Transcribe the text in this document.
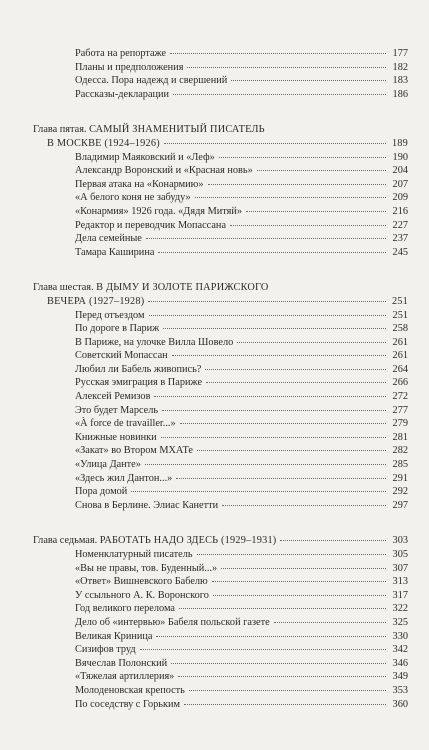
Работа на репортаже	177
Планы и предположения	182
Одесса. Пора надежд и свершений	183
Рассказы-декларации	186
Глава пятая.
САМЫЙ ЗНАМЕНИТЫЙ ПИСАТЕЛЬ
В МОСКВЕ (1924–1926)	189
Владимир Маяковский и «Леф»	190
Александр Воронский и «Красная новь»	204
Первая атака на «Конармию»	207
«А белого коня не забуду»	209
«Конармия» 1926 года. «Дядя Митяй»	216
Редактор и переводчик Мопассана	227
Дела семейные	237
Тамара Каширина	245
Глава шестая.
В ДЫМУ И ЗОЛОТЕ ПАРИЖСКОГО
ВЕЧЕРА (1927–1928)	251
Перед отъездом	251
По дороге в Париж	258
В Париже, на улочке Вилла Шовело	261
Советский Мопассан	261
Любил ли Бабель живопись?	264
Русская эмиграция в Париже	266
Алексей Ремизов	272
Это будет Марсель	277
«À force de travailler...»	279
Книжные новинки	281
«Закат» во Втором МХАТе	282
«Улица Данте»	285
«Здесь жил Дантон...»	291
Пора домой	292
Снова в Берлине. Элиас Канетти	297
Глава седьмая. РАБОТАТЬ НАДО ЗДЕСЬ (1929–1931)	303
Номенклатурный писатель	305
«Вы не правы, тов. Буденный...»	307
«Ответ» Вишневского Бабелю	313
У ссыльного А. К. Воронского	317
Год великого перелома	322
Дело об «интервью» Бабеля польской газете	325
Великая Криница	330
Сизифов труд	342
Вячеслав Полонский	346
«Тяжелая артиллерия»	349
Молоденовская крепость	353
По соседству с Горьким	360
